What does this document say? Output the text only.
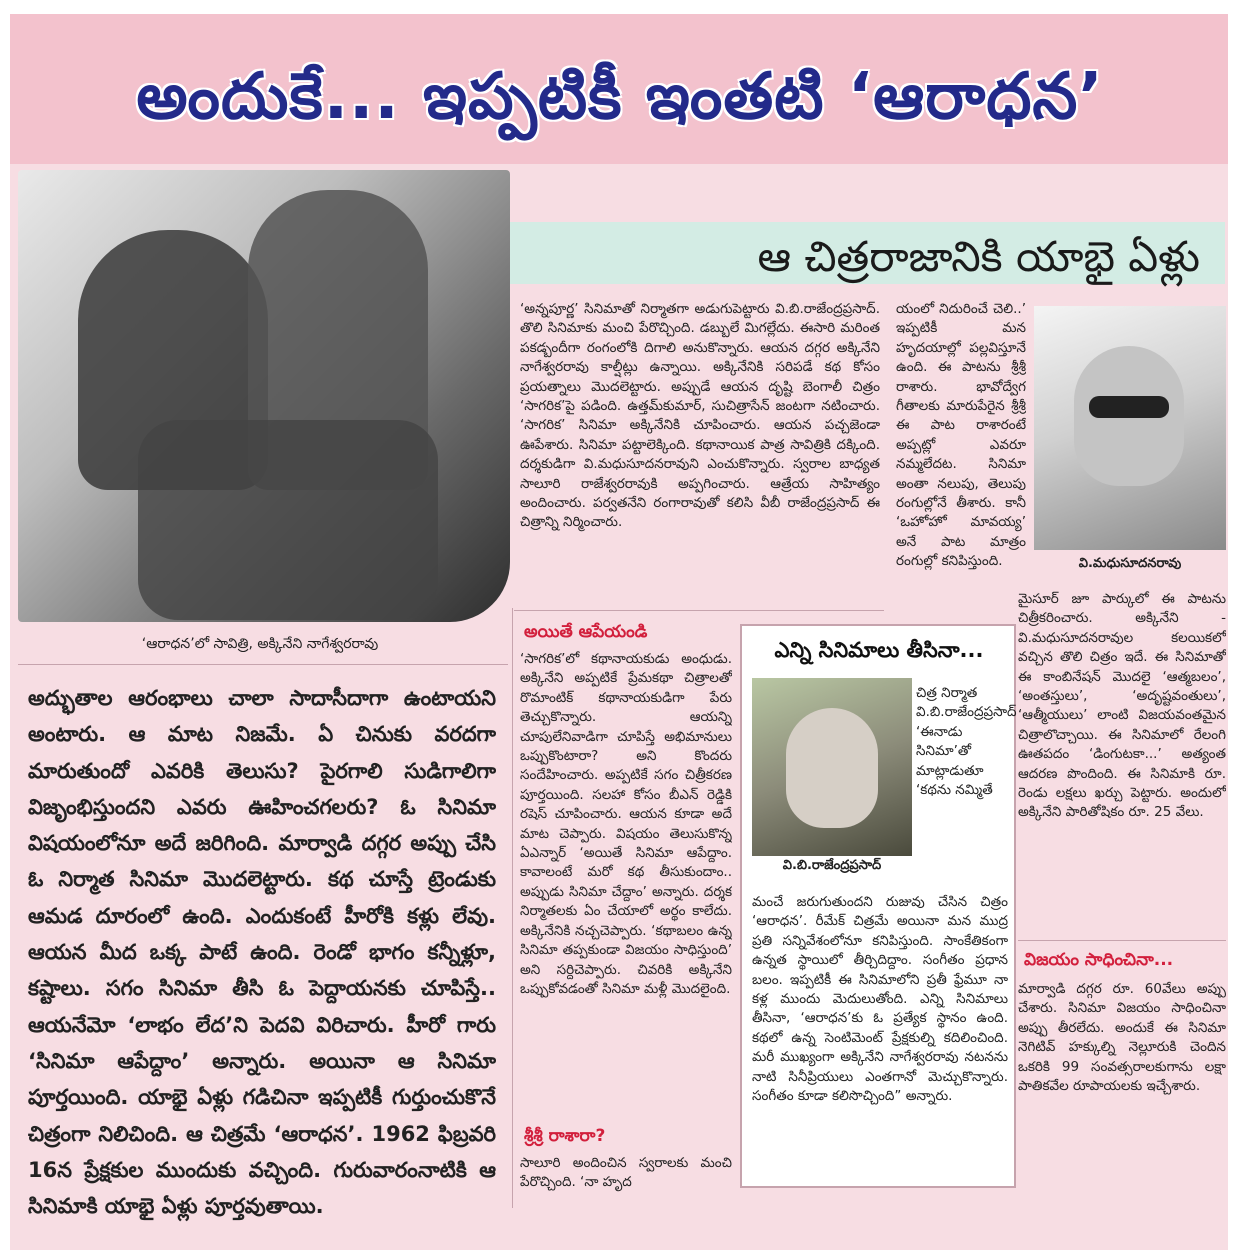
అందుకే... ఇప్పటికీ ఇంతటి ‘ఆరాధన’
ఆ చిత్రరాజానికి యాభై ఏళ్లు
‘ఆరాధన’లో సావిత్రి, అక్కినేని నాగేశ్వరరావు
అద్భుతాల ఆరంభాలు చాలా సాదాసీదాగా ఉంటాయని అంటారు. ఆ మాట నిజమే. ఏ చినుకు వరదగా మారుతుందో ఎవరికి తెలుసు? పైరగాలి సుడిగాలిగా విజృంభిస్తుందని ఎవరు ఊహించగలరు? ఓ సినిమా విషయంలోనూ అదే జరిగింది. మార్వాడి దగ్గర అప్పు చేసి ఓ నిర్మాత సినిమా మొదలెట్టారు. కథ చూస్తే ట్రెండుకు ఆమడ దూరంలో ఉంది. ఎందుకంటే హీరోకి కళ్లు లేవు. ఆయన మీద ఒక్క పాటే ఉంది. రెండో భాగం కన్నీళ్లూ, కష్టాలు. సగం సినిమా తీసి ఓ పెద్దాయనకు చూపిస్తే.. ఆయనేమో ‘లాభం లేద’ని పెదవి విరిచారు. హీరో గారు ‘సినిమా ఆపేద్దాం’ అన్నారు. అయినా ఆ సినిమా పూర్తయింది. యాభై ఏళ్లు గడిచినా ఇప్పటికీ గుర్తుంచుకొనే చిత్రంగా నిలిచింది. ఆ చిత్రమే ‘ఆరాధన’. 1962 ఫిబ్రవరి 16న ప్రేక్షకుల ముందుకు వచ్చింది. గురువారంనాటికి ఆ సినిమాకి యాభై ఏళ్లు పూర్తవుతాయి.
‘అన్నపూర్ణ’ సినిమాతో నిర్మాతగా అడుగుపెట్టారు వి.బి.రాజేంద్రప్రసాద్. తొలి సినిమాకు మంచి పేరొచ్చింది. డబ్బులే మిగల్లేదు. ఈసారి మరింత పకడ్బందీగా రంగంలోకి దిగాలి అనుకొన్నారు. ఆయన దగ్గర అక్కినేని నాగేశ్వరరావు కాల్షీట్లు ఉన్నాయి. అక్కినేనికి సరిపడే కథ కోసం ప్రయత్నాలు మొదలెట్టారు. అప్పుడే ఆయన దృష్టి బెంగాలీ చిత్రం ‘సాగరిక’పై పడింది. ఉత్తమ్‌కుమార్, సుచిత్రాసేన్ జంటగా నటించారు. ‘సాగరిక’ సినిమా అక్కినేనికి చూపించారు. ఆయన పచ్చజెండా ఊపేశారు. సినిమా పట్టాలెక్కింది. కథానాయిక పాత్ర సావిత్రికి దక్కింది. దర్శకుడిగా వి.మధుసూదనరావుని ఎంచుకొన్నారు. స్వరాల బాధ్యత సాలూరి రాజేశ్వరరావుకి అప్పగించారు. ఆత్రేయ సాహిత్యం అందించారు. పర్వతనేని రంగారావుతో కలిసి వీబీ రాజేంద్రప్రసాద్ ఈ చిత్రాన్ని నిర్మించారు.
యంలో నిదురించే చెలి..’ ఇప్పటికీ మన హృదయాల్లో పల్లవిస్తూనే ఉంది. ఈ పాటను శ్రీశ్రీ రాశారు. భావోద్వేగ గీతాలకు మారుపేరైన శ్రీశ్రీ ఈ పాట రాశారంటే అప్పట్లో ఎవరూ నమ్మలేదట. సినిమా అంతా నలుపు, తెలుపు రంగుల్లోనే తీశారు. కానీ ‘ఒహోహో మావయ్య’ అనే పాట మాత్రం రంగుల్లో కనిపిస్తుంది.	వి.మధుసూదనరావు
అయితే ఆపేయండి
‘సాగరిక’లో కథానాయకుడు అంధుడు. అక్కినేని అప్పటికే ప్రేమకథా చిత్రాలతో రొమాంటిక్ కథానాయకుడిగా పేరు తెచ్చుకొన్నారు. ఆయన్ని చూపులేనివాడిగా చూపిస్తే అభిమానులు ఒప్పుకొంటారా? అని కొందరు సందేహించారు. అప్పటికే సగం చిత్రీకరణ పూర్తయింది. సలహా కోసం బీఎన్ రెడ్డికి రషెస్ చూపించారు. ఆయన కూడా అదే మాట చెప్పారు. విషయం తెలుసుకొన్న ఏఎన్నార్ ‘అయితే సినిమా ఆపేద్దాం. కావాలంటే మరో కథ తీసుకుందాం.. అప్పుడు సినిమా చేద్దాం’ అన్నారు. దర్శక నిర్మాతలకు ఏం చేయాలో అర్థం కాలేదు. అక్కినేనికి నచ్చచెప్పారు. ‘కథాబలం ఉన్న సినిమా తప్పకుండా విజయం సాధిస్తుంది’ అని సర్దిచెప్పారు. చివరికి అక్కినేని ఒప్పుకోవడంతో సినిమా మళ్లీ మొదలైంది.
శ్రీశ్రీ రాశారా?
సాలూరి అందించిన స్వరాలకు మంచి పేరొచ్చింది. ‘నా హృద
ఎన్ని సినిమాలు తీసినా...
వి.బి.రాజేంద్రప్రసాద్
చిత్ర నిర్మాత వి.బి.రాజేంద్రప్రసాద్ ‘ఈనాడు సినిమా’తో మాట్లాడుతూ ‘కథను నమ్మితే
మంచే జరుగుతుందని రుజువు చేసిన చిత్రం ‘ఆరాధన’. రీమేక్ చిత్రమే అయినా మన ముద్ర ప్రతి సన్నివేశంలోనూ కనిపిస్తుంది. సాంకేతికంగా ఉన్నత స్థాయిలో తీర్చిదిద్దాం. సంగీతం ప్రధాన బలం. ఇప్పటికీ ఈ సినిమాలోని ప్రతీ ఫ్రేమూ నా కళ్ల ముందు మెదులుతోంది. ఎన్ని సినిమాలు తీసినా, ‘ఆరాధన’కు ఓ ప్రత్యేక స్థానం ఉంది. కథలో ఉన్న సెంటిమెంట్ ప్రేక్షకుల్ని కదిలించింది. మరీ ముఖ్యంగా అక్కినేని నాగేశ్వరరావు నటనను నాటి సినీప్రియులు ఎంతగానో మెచ్చుకొన్నారు. సంగీతం కూడా కలిసొచ్చింది” అన్నారు.
మైసూర్ జూ పార్కులో ఈ పాటను చిత్రీకరించారు. అక్కినేని - వి.మధుసూదనరావుల కలయికలో వచ్చిన తొలి చిత్రం ఇదే. ఈ సినిమాతో ఈ కాంబినేషన్ మొదలై ‘ఆత్మబలం’, ‘అంతస్తులు’, ‘అదృష్టవంతులు’, ‘ఆత్మీయులు’ లాంటి విజయవంతమైన చిత్రాలొచ్చాయి. ఈ సినిమాలో రేలంగి ఊతపదం ‘డింగుటకా...’ అత్యంత ఆదరణ పొందింది. ఈ సినిమాకి రూ. రెండు లక్షలు ఖర్చు పెట్టారు. అందులో అక్కినేని పారితోషికం రూ. 25 వేలు.
విజయం సాధించినా...
మార్వాడి దగ్గర రూ. 60వేలు అప్పు చేశారు. సినిమా విజయం సాధించినా అప్పు తీరలేదు. అందుకే ఈ సినిమా నెగిటివ్ హక్కుల్ని నెల్లూరుకి చెందిన ఒకరికి 99 సంవత్సరాలకుగాను లక్షా పాతికవేల రూపాయలకు ఇచ్చేశారు.
